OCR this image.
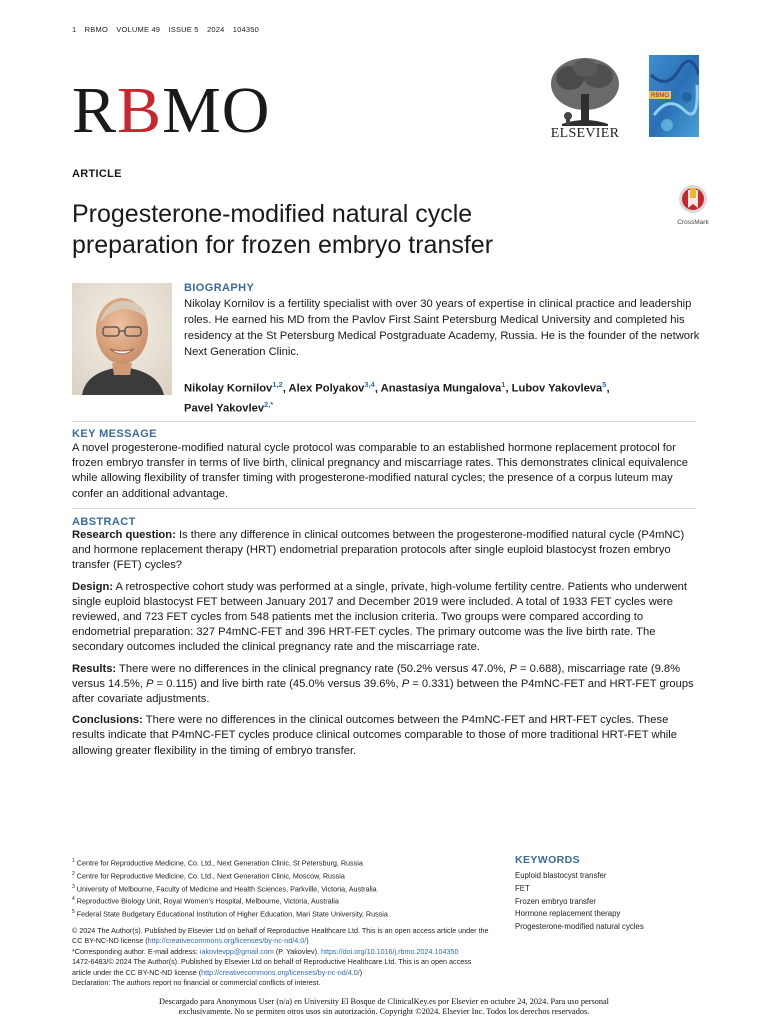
1 RBMO VOLUME 49 ISSUE 5 2024 104350
RBMO	ELSEVIER
RBMO
ARTICLE
Progesterone-modified natural cycle
preparation for frozen embryo transfer
CrossMark
BIOGRAPHY

Nikolay Kornilov is a fertility specialist with over 30 years of expertise in clinical practice and leadership roles. He earned his MD from the Pavlov First Saint Petersburg Medical University and completed his residency at the St Petersburg Medical Postgraduate Academy, Russia. He is the founder of the network Next Generation Clinic.

Nikolay Kornilov$^{1,2}$, Alex Polyakov$^{3,4}$, Anastasiya Mungalova$^1$, Lubov Yakovleva$^5$,
Pavel Yakovlev$^{2,*}$

KEY MESSAGE

A novel progesterone-modified natural cycle protocol was comparable to an established hormone replacement protocol for frozen embryo transfer in terms of live birth, clinical pregnancy and miscarriage rates. This demonstrates clinical equivalence while allowing flexibility of transfer timing with progesterone-modified natural cycles; the presence of a corpus luteum may confer an additional advantage.

ABSTRACT

Research question: Is there any difference in clinical outcomes between the progesterone-modified natural cycle (P4mNC) and hormone replacement therapy (HRT) endometrial preparation protocols after single euploid blastocyst frozen embryo transfer (FET) cycles?

Design: A retrospective cohort study was performed at a single, private, high-volume fertility centre. Patients who underwent single euploid blastocyst FET between January 2017 and December 2019 were included. A total of 1933 FET cycles were reviewed, and 723 FET cycles from 548 patients met the inclusion criteria. Two groups were compared according to endometrial preparation: 327 P4mNC-FET and 396 HRT-FET cycles. The primary outcome was the live birth rate. The secondary outcomes included the clinical pregnancy rate and the miscarriage rate.

Results: There were no differences in the clinical pregnancy rate (50.2% versus 47.0%, P = 0.688), miscarriage rate (9.8% versus 14.5%, P = 0.115) and live birth rate (45.0% versus 39.6%, P = 0.331) between the P4mNC-FET and HRT-FET groups after covariate adjustments.

Conclusions: There were no differences in the clinical outcomes between the P4mNC-FET and HRT-FET cycles. These results indicate that P4mNC-FET cycles produce clinical outcomes comparable to those of more traditional HRT-FET while allowing greater flexibility in the timing of embryo transfer.

$^1$ Centre for Reproductive Medicine, Co. Ltd., Next Generation Clinic, St Petersburg, Russia
$^2$ Centre for Reproductive Medicine, Co. Ltd., Next Generation Clinic, Moscow, Russia
$^3$ University of Melbourne, Faculty of Medicine and Health Sciences, Parkville, Victoria, Australia
$^4$ Reproductive Biology Unit, Royal Women’s Hospital, Melbourne, Victoria, Australia
$^5$ Federal State Budgetary Educational Institution of Higher Education, Mari State University, Russia
© 2024 The Author(s). Published by Elsevier Ltd on behalf of Reproductive Healthcare Ltd. This is an open access article under the CC BY-NC-ND license (http://creativecommons.org/licenses/by-nc-nd/4.0/)
*Corresponding author. E-mail address: iakovlevpp@gmail.com (P. Yakovlev). https://doi.org/10.1016/j.rbmo.2024.104350
1472-6483/© 2024 The Author(s). Published by Elsevier Ltd on behalf of Reproductive Healthcare Ltd. This is an open access article under the CC BY-NC-ND license (http://creativecommons.org/licenses/by-nc-nd/4.0/)
Declaration: The authors report no financial or commercial conflicts of interest.
KEYWORDS
Euploid blastocyst transfer
FET
Frozen embryo transfer
Hormone replacement therapy
Progesterone-modified natural cycles
Descargado para Anonymous User (n/a) en University El Bosque de ClinicalKey.es por Elsevier en octubre 24, 2024. Para uso personal
exclusivamente. No se permiten otros usos sin autorización. Copyright ©2024. Elsevier Inc. Todos los derechos reservados.
